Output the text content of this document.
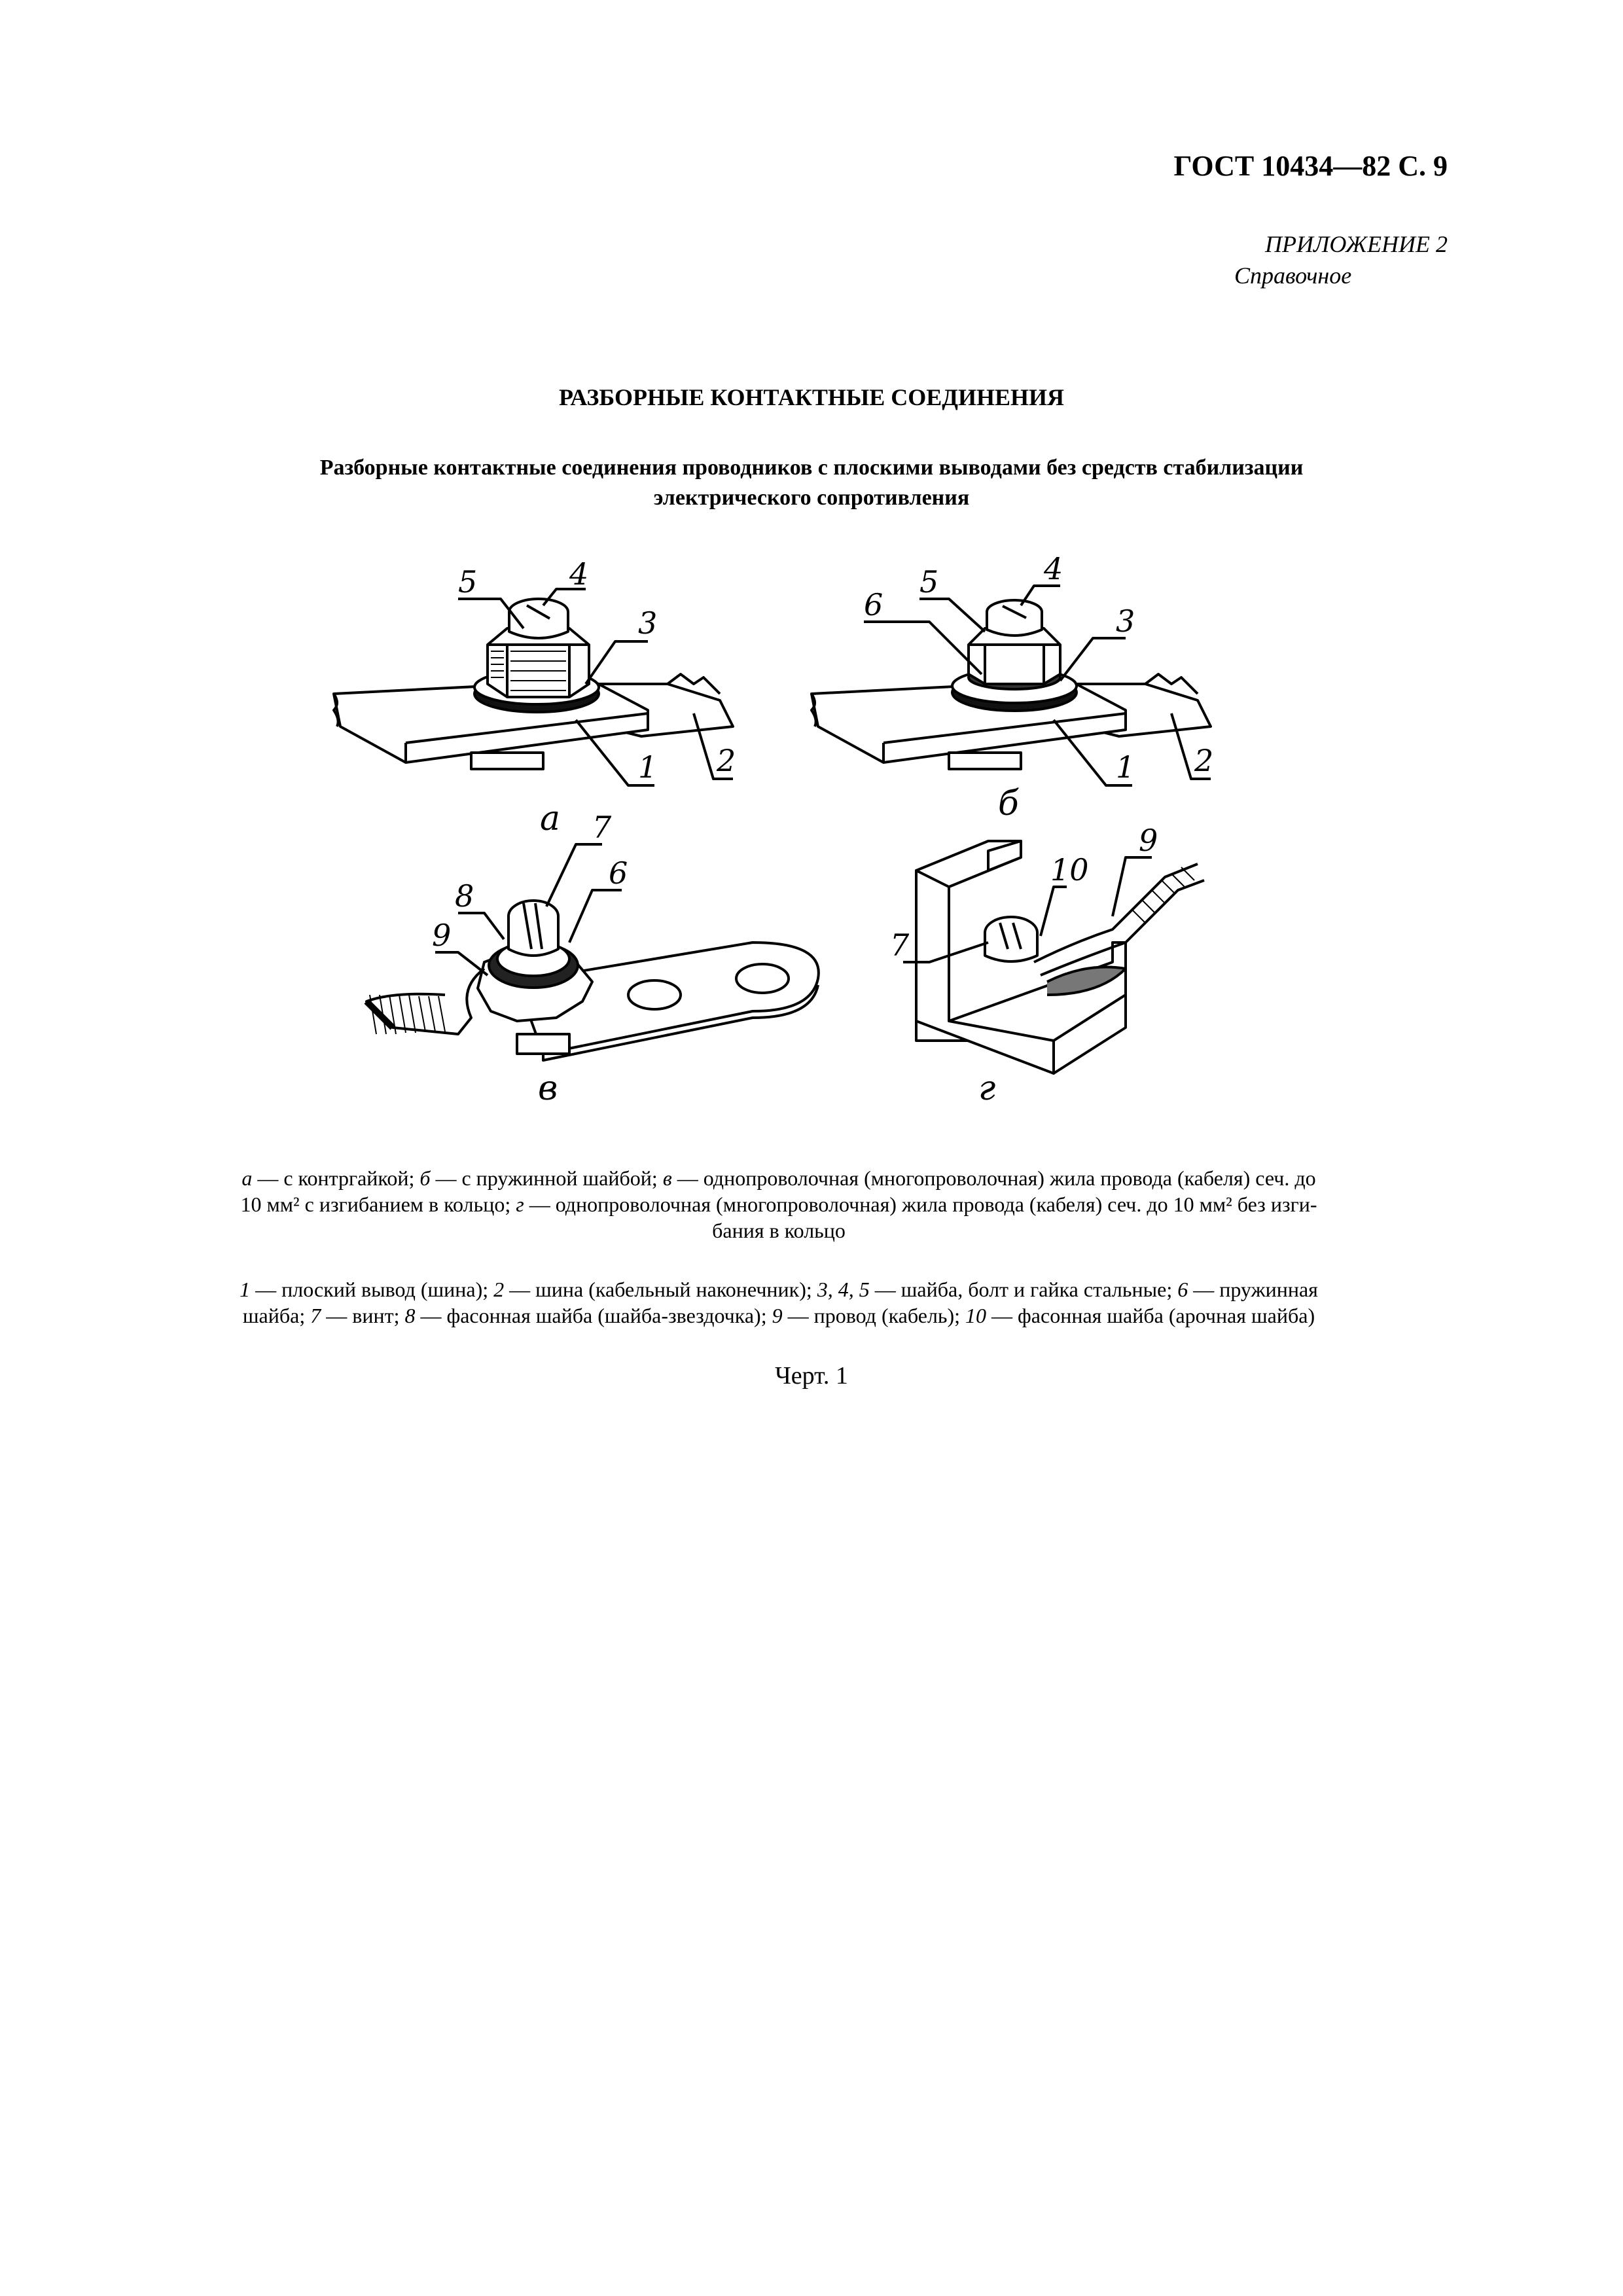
ГОСТ 10434—82 С. 9
ПРИЛОЖЕНИЕ 2
Справочное
РАЗБОРНЫЕ КОНТАКТНЫЕ СОЕДИНЕНИЯ
Разборные контактные соединения проводников с плоскими выводами без средств стабилизации
электрического сопротивления
5	4
3
2
1
6
5	4
3
2
1
8
7
6
9
9
10
7
а	б
в	г
а — с контргайкой; б — с пружинной шайбой; в — однопроволочная (многопроволочная) жила провода (кабеля) сеч. до
10 мм² с изгибанием в кольцо; г — однопроволочная (многопроволочная) жила провода (кабеля) сеч. до 10 мм² без изги-
бания в кольцо
1 — плоский вывод (шина); 2 — шина (кабельный наконечник); 3, 4, 5 — шайба, болт и гайка стальные; 6 — пружинная
шайба; 7 — винт; 8 — фасонная шайба (шайба-звездочка); 9 — провод (кабель); 10 — фасонная шайба (арочная шайба)
Черт. 1
